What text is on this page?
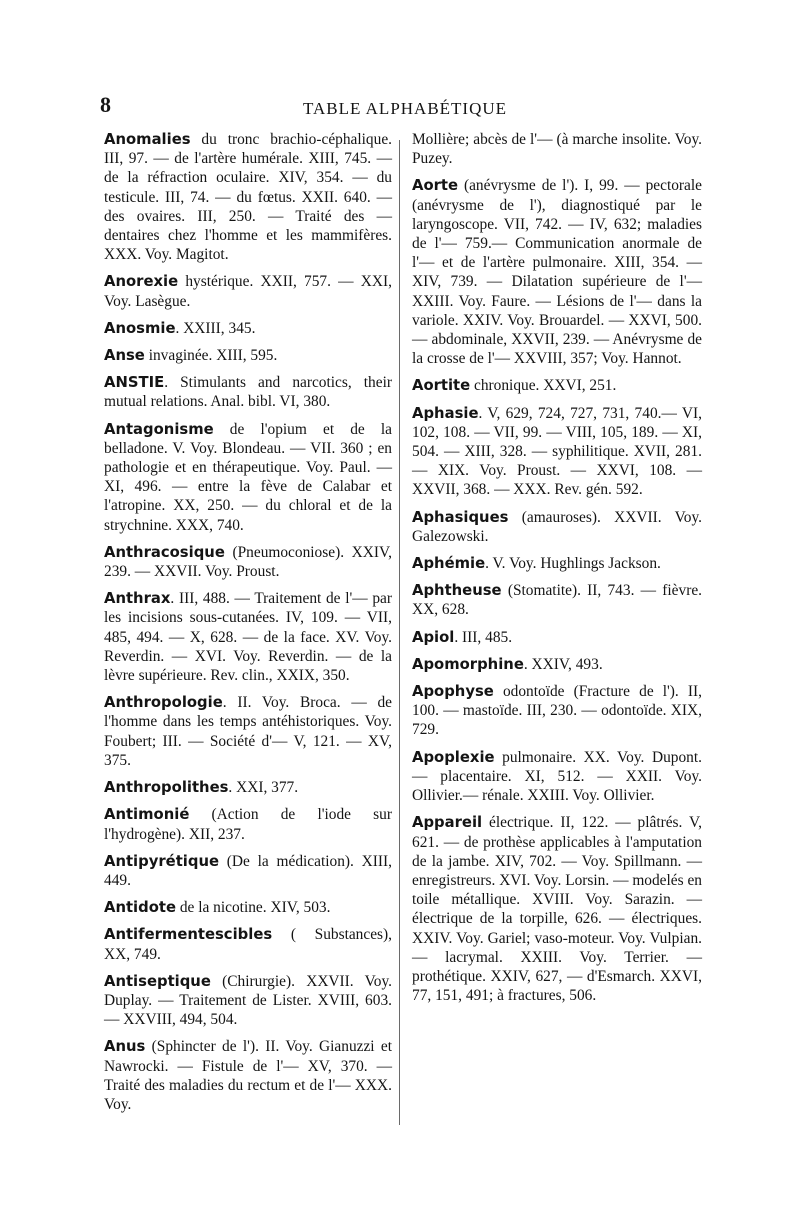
8	TABLE ALPHABÉTIQUE

Anomalies du tronc brachio-céphalique. III, 97. — de l'artère humérale. XIII, 745. — de la réfraction oculaire. XIV, 354. — du testicule. III, 74. — du fœtus. XXII. 640. — des ovaires. III, 250. — Traité des — dentaires chez l'homme et les mammifères. XXX. Voy. Magitot.

Anorexie hystérique. XXII, 757. — XXI, Voy. Lasègue.

Anosmie. XXIII, 345.

Anse invaginée. XIII, 595.

ANSTIE. Stimulants and narcotics, their mutual relations. Anal. bibl. VI, 380.

Antagonisme de l'opium et de la belladone. V. Voy. Blondeau. — VII. 360 ; en pathologie et en thérapeutique. Voy. Paul. — XI, 496. — entre la fève de Calabar et l'atropine. XX, 250. — du chloral et de la strychnine. XXX, 740.

Anthracosique (Pneumoconiose). XXIV, 239. — XXVII. Voy. Proust.

Anthrax. III, 488. — Traitement de l'— par les incisions sous-cutanées. IV, 109. — VII, 485, 494. — X, 628. — de la face. XV. Voy. Reverdin. — XVI. Voy. Reverdin. — de la lèvre supérieure. Rev. clin., XXIX, 350.

Anthropologie. II. Voy. Broca. — de l'homme dans les temps antéhistoriques. Voy. Foubert; III. — Société d'— V, 121. — XV, 375.

Anthropolithes. XXI, 377.

Antimonié (Action de l'iode sur l'hydrogène). XII, 237.

Antipyrétique (De la médication). XIII, 449.

Antidote de la nicotine. XIV, 503.

Antifermentescibles ( Substances), XX, 749.

Antiseptique (Chirurgie). XXVII. Voy. Duplay. — Traitement de Lister. XVIII, 603. — XXVIII, 494, 504.

Anus (Sphincter de l'). II. Voy. Gianuzzi et Nawrocki. — Fistule de l'— XV, 370. — Traité des maladies du rectum et de l'— XXX. Voy.

Mollière; abcès de l'— (à marche insolite. Voy. Puzey.

Aorte (anévrysme de l'). I, 99. — pectorale (anévrysme de l'), diagnostiqué par le laryngoscope. VII, 742. — IV, 632; maladies de l'— 759.— Communication anormale de l'— et de l'artère pulmonaire. XIII, 354. — XIV, 739. — Dilatation supérieure de l'— XXIII. Voy. Faure. — Lésions de l'— dans la variole. XXIV. Voy. Brouardel. — XXVI, 500. — abdominale, XXVII, 239. — Anévrysme de la crosse de l'— XXVIII, 357; Voy. Hannot.

Aortite chronique. XXVI, 251.

Aphasie. V, 629, 724, 727, 731, 740.— VI, 102, 108. — VII, 99. — VIII, 105, 189. — XI, 504. — XIII, 328. — syphilitique. XVII, 281. — XIX. Voy. Proust. — XXVI, 108. — XXVII, 368. — XXX. Rev. gén. 592.

Aphasiques (amauroses). XXVII. Voy. Galezowski.

Aphémie. V. Voy. Hughlings Jackson.

Aphtheuse (Stomatite). II, 743. — fièvre. XX, 628.

Apiol. III, 485.

Apomorphine. XXIV, 493.

Apophyse odontoïde (Fracture de l'). II, 100. — mastoïde. III, 230. — odontoïde. XIX, 729.

Apoplexie pulmonaire. XX. Voy. Dupont. — placentaire. XI, 512. — XXII. Voy. Ollivier.— rénale. XXIII. Voy. Ollivier.

Appareil électrique. II, 122. — plâtrés. V, 621. — de prothèse applicables à l'amputation de la jambe. XIV, 702. — Voy. Spillmann. — enregistreurs. XVI. Voy. Lorsin. — modelés en toile métallique. XVIII. Voy. Sarazin. — électrique de la torpille, 626. — électriques. XXIV. Voy. Gariel; vaso-moteur. Voy. Vulpian. — lacrymal. XXIII. Voy. Terrier. — prothétique. XXIV, 627, — d'Esmarch. XXVI, 77, 151, 491; à fractures, 506.
